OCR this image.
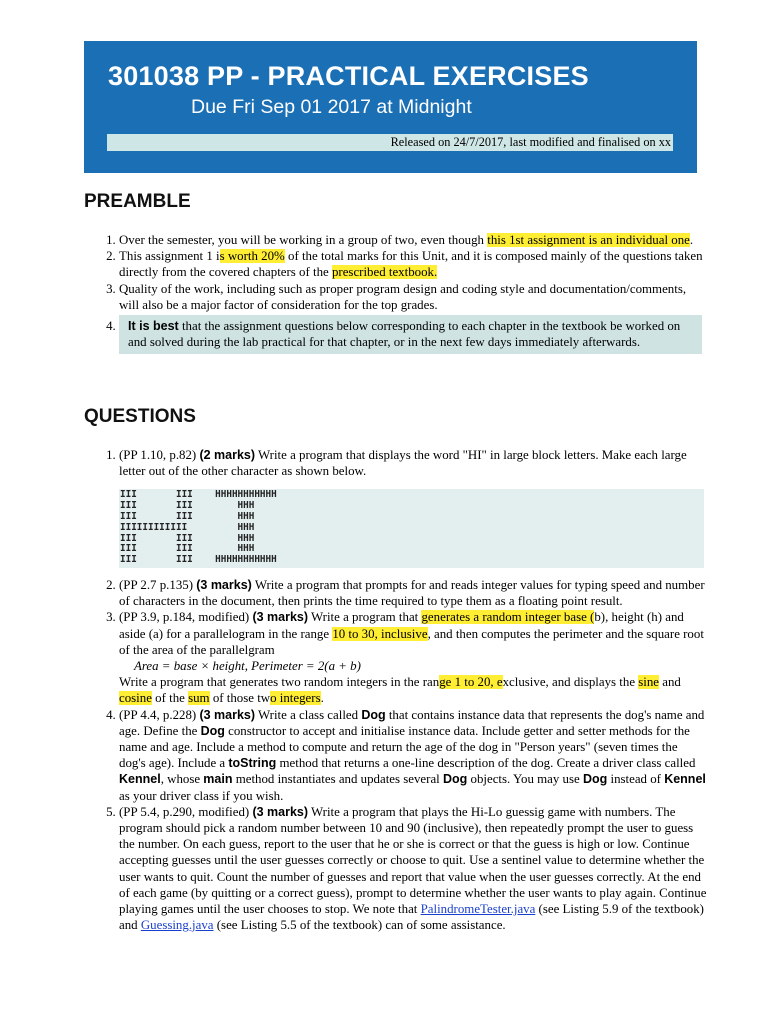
301038 PP - PRACTICAL EXERCISES
Due Fri Sep 01 2017 at Midnight
Released on 24/7/2017, last modified and finalised on xx
PREAMBLE
1. Over the semester, you will be working in a group of two, even though this 1st assignment is an individual one.
2. This assignment 1 is worth 20% of the total marks for this Unit, and it is composed mainly of the questions taken directly from the covered chapters of the prescribed textbook.
3. Quality of the work, including such as proper program design and coding style and documentation/comments, will also be a major factor of consideration for the top grades.
4. It is best that the assignment questions below corresponding to each chapter in the textbook be worked on and solved during the lab practical for that chapter, or in the next few days immediately afterwards.
QUESTIONS
1. (PP 1.10, p.82) (2 marks) Write a program that displays the word "HI" in large block letters. Make each large letter out of the other character as shown below.
III       III    HHHHHHHHHHH
III       III        HHH
III       III        HHH
IIIIIIIIIIII         HHH
III       III        HHH
III       III        HHH
III       III    HHHHHHHHHHH
2. (PP 2.7 p.135) (3 marks) Write a program that prompts for and reads integer values for typing speed and number of characters in the document, then prints the time required to type them as a floating point result.
3. (PP 3.9, p.184, modified) (3 marks) Write a program that generates a random integer base (b), height (h) and aside (a) for a parallelogram in the range 10 to 30, inclusive, and then computes the perimeter and the square root of the area of the parallelgram
Area = base × height, Perimeter = 2(a + b)
Write a program that generates two random integers in the range 1 to 20, exclusive, and displays the sine and cosine of the sum of those two integers.
4. (PP 4.4, p.228) (3 marks) Write a class called Dog that contains instance data that represents the dog's name and age. Define the Dog constructor to accept and initialise instance data. Include getter and setter methods for the name and age. Include a method to compute and return the age of the dog in "Person years" (seven times the dog's age). Include a toString method that returns a one-line description of the dog. Create a driver class called Kennel, whose main method instantiates and updates several Dog objects. You may use Dog instead of Kennel as your driver class if you wish.
5. (PP 5.4, p.290, modified) (3 marks) Write a program that plays the Hi-Lo guessig game with numbers. The program should pick a random number between 10 and 90 (inclusive), then repeatedly prompt the user to guess the number. On each guess, report to the user that he or she is correct or that the guess is high or low. Continue accepting guesses until the user guesses correctly or choose to quit. Use a sentinel value to determine whether the user wants to quit. Count the number of guesses and report that value when the user guesses correctly. At the end of each game (by quitting or a correct guess), prompt to determine whether the user wants to play again. Continue playing games until the user chooses to stop. We note that PalindromeTester.java (see Listing 5.9 of the textbook) and Guessing.java (see Listing 5.5 of the textbook) can of some assistance.
